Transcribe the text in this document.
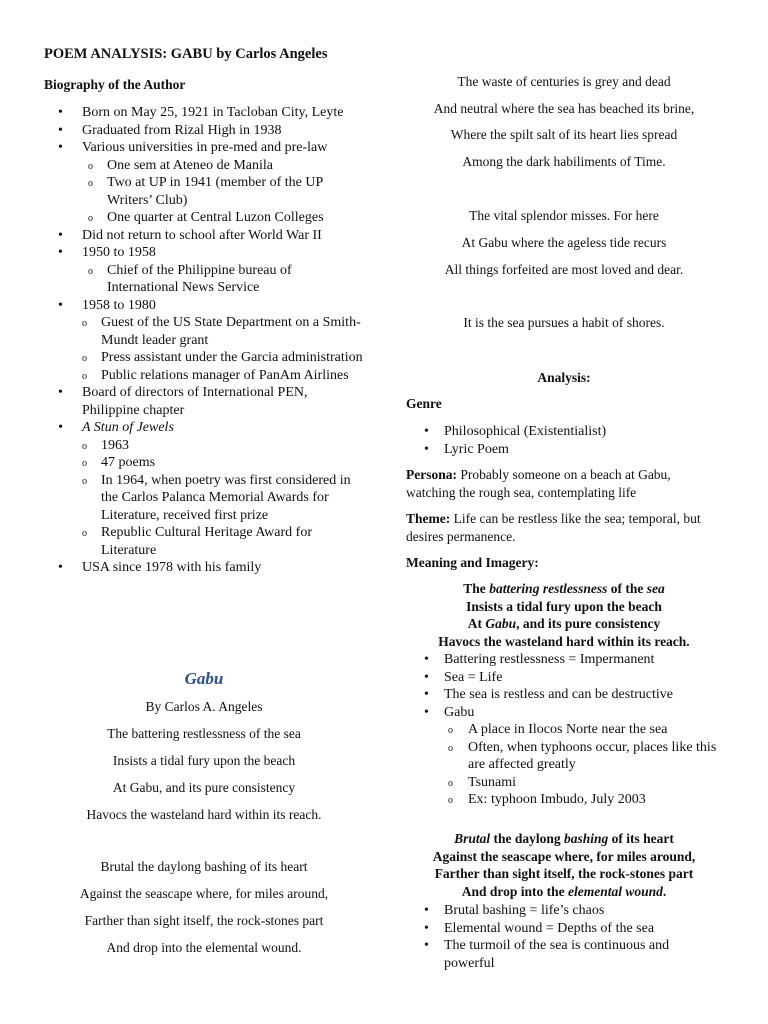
POEM ANALYSIS: GABU by Carlos Angeles
Biography of the Author
• Born on May 25, 1921 in Tacloban City, Leyte
• Graduated from Rizal High in 1938
• Various universities in pre-med and pre-law
o One sem at Ateneo de Manila
o Two at UP in 1941 (member of the UP Writers’ Club)
o One quarter at Central Luzon Colleges
• Did not return to school after World War II
• 1950 to 1958
o Chief of the Philippine bureau of International News Service
• 1958 to 1980
o Guest of the US State Department on a Smith-Mundt leader grant
o Press assistant under the Garcia administration
o Public relations manager of PanAm Airlines
• Board of directors of International PEN, Philippine chapter
• A Stun of Jewels
o 1963
o 47 poems
o In 1964, when poetry was first considered in the Carlos Palanca Memorial Awards for Literature, received first prize
o Republic Cultural Heritage Award for Literature
• USA since 1978 with his family
Gabu
By Carlos A. Angeles
The battering restlessness of the sea
Insists a tidal fury upon the beach
At Gabu, and its pure consistency
Havocs the wasteland hard within its reach.
Brutal the daylong bashing of its heart
Against the seascape where, for miles around,
Farther than sight itself, the rock-stones part
And drop into the elemental wound.
The waste of centuries is grey and dead
And neutral where the sea has beached its brine,
Where the spilt salt of its heart lies spread
Among the dark habiliments of Time.
The vital splendor misses. For here
At Gabu where the ageless tide recurs
All things forfeited are most loved and dear.
It is the sea pursues a habit of shores.
Analysis:
Genre
• Philosophical (Existentialist)
• Lyric Poem
Persona: Probably someone on a beach at Gabu, watching the rough sea, contemplating life
Theme: Life can be restless like the sea; temporal, but desires permanence.
Meaning and Imagery:
The battering restlessness of the sea
Insists a tidal fury upon the beach
At Gabu, and its pure consistency
Havocs the wasteland hard within its reach.
• Battering restlessness = Impermanent
• Sea = Life
• The sea is restless and can be destructive
• Gabu
o A place in Ilocos Norte near the sea
o Often, when typhoons occur, places like this are affected greatly
o Tsunami
o Ex: typhoon Imbudo, July 2003
Brutal the daylong bashing of its heart
Against the seascape where, for miles around,
Farther than sight itself, the rock-stones part
And drop into the elemental wound.
• Brutal bashing = life’s chaos
• Elemental wound = Depths of the sea
• The turmoil of the sea is continuous and powerful
